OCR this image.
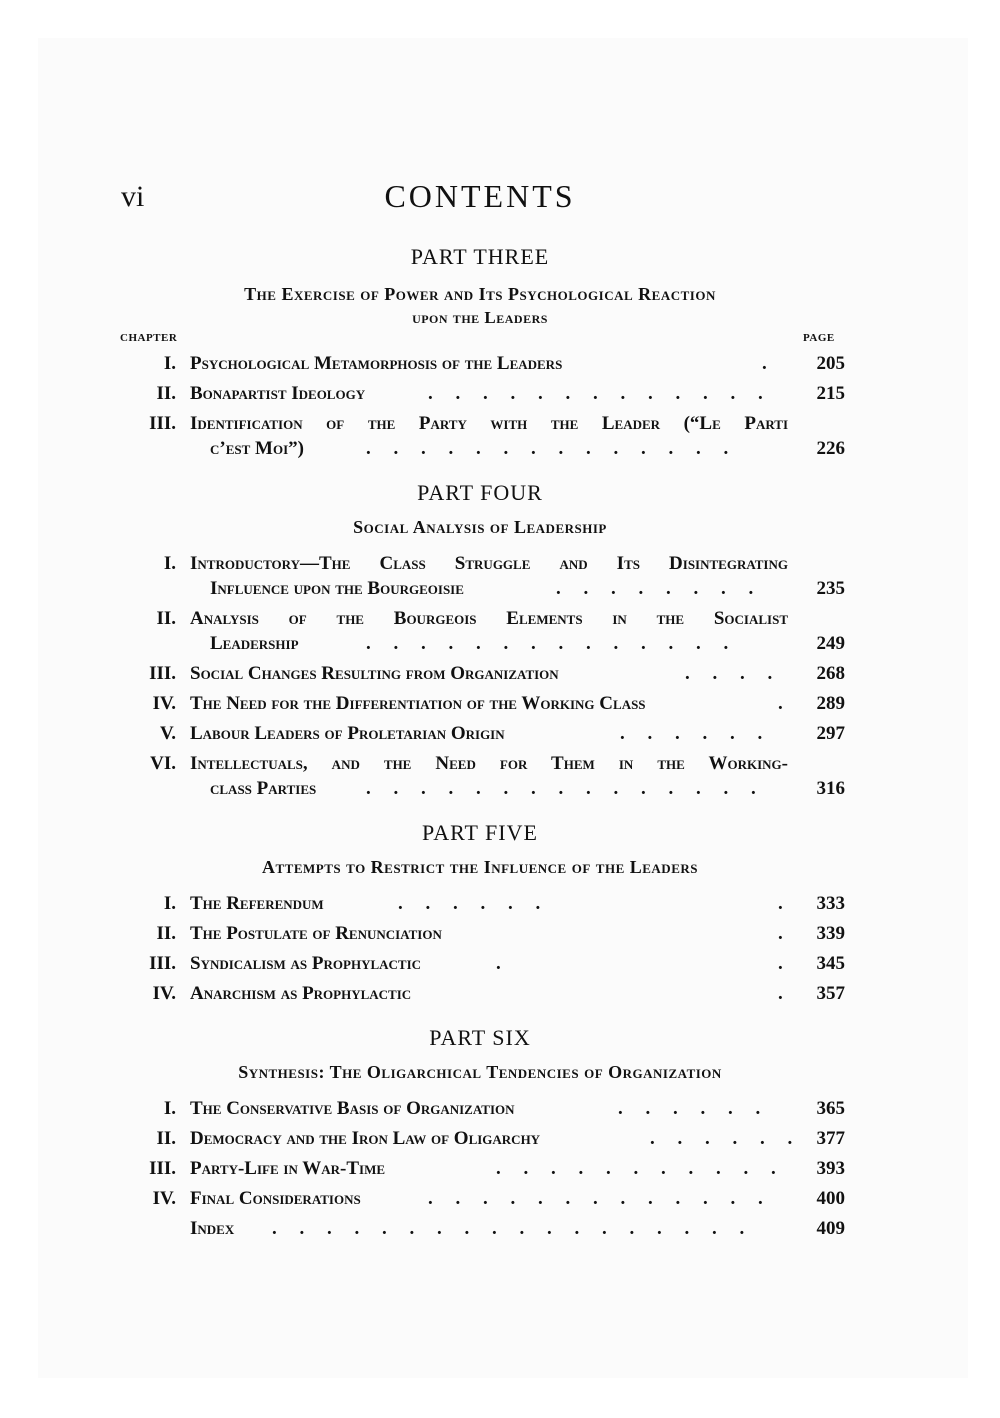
vi	CONTENTS
PART THREE
The Exercise of Power and Its Psychological Reaction
upon the Leaders
CHAPTER	PAGE
I. Psychological Metamorphosis of the Leaders	.	205
II. Bonapartist Ideology	. . . . . . . . . . . . .	215
III. Identification of the Party with the Leader (“Le Parti
c’est Moi”)	. . . . . . . . . . . . . .	226
PART FOUR
Social Analysis of Leadership
I. Introductory—The Class Struggle and Its Disintegrating
Influence upon the Bourgeoisie	. . . . . . . .	235
II. Analysis of the Bourgeois Elements in the Socialist
Leadership	. . . . . . . . . . . . . .	249
III. Social Changes Resulting from Organization	. . . .	268
IV. The Need for the Differentiation of the Working Class	.	289
V. Labour Leaders of Proletarian Origin	. . . . . .	297
VI. Intellectuals, and the Need for Them in the Working-
class Parties	. . . . . . . . . . . . . . .	316
PART FIVE
Attempts to Restrict the Influence of the Leaders
I. The Referendum	. . . . . .	.	333
II. The Postulate of Renunciation	.	339
III. Syndicalism as Prophylactic	.	.	345
IV. Anarchism as Prophylactic	.	357
PART SIX
Synthesis: The Oligarchical Tendencies of Organization
I. The Conservative Basis of Organization	. . . . . .	365
II. Democracy and the Iron Law of Oligarchy	. . . . . . 377
III. Party-Life in War-Time	. . . . . . . . . . .	393
IV. Final Considerations	. . . . . . . . . . . . .	400
Index	. . . . . . . . . . . . . . . . . .	409
